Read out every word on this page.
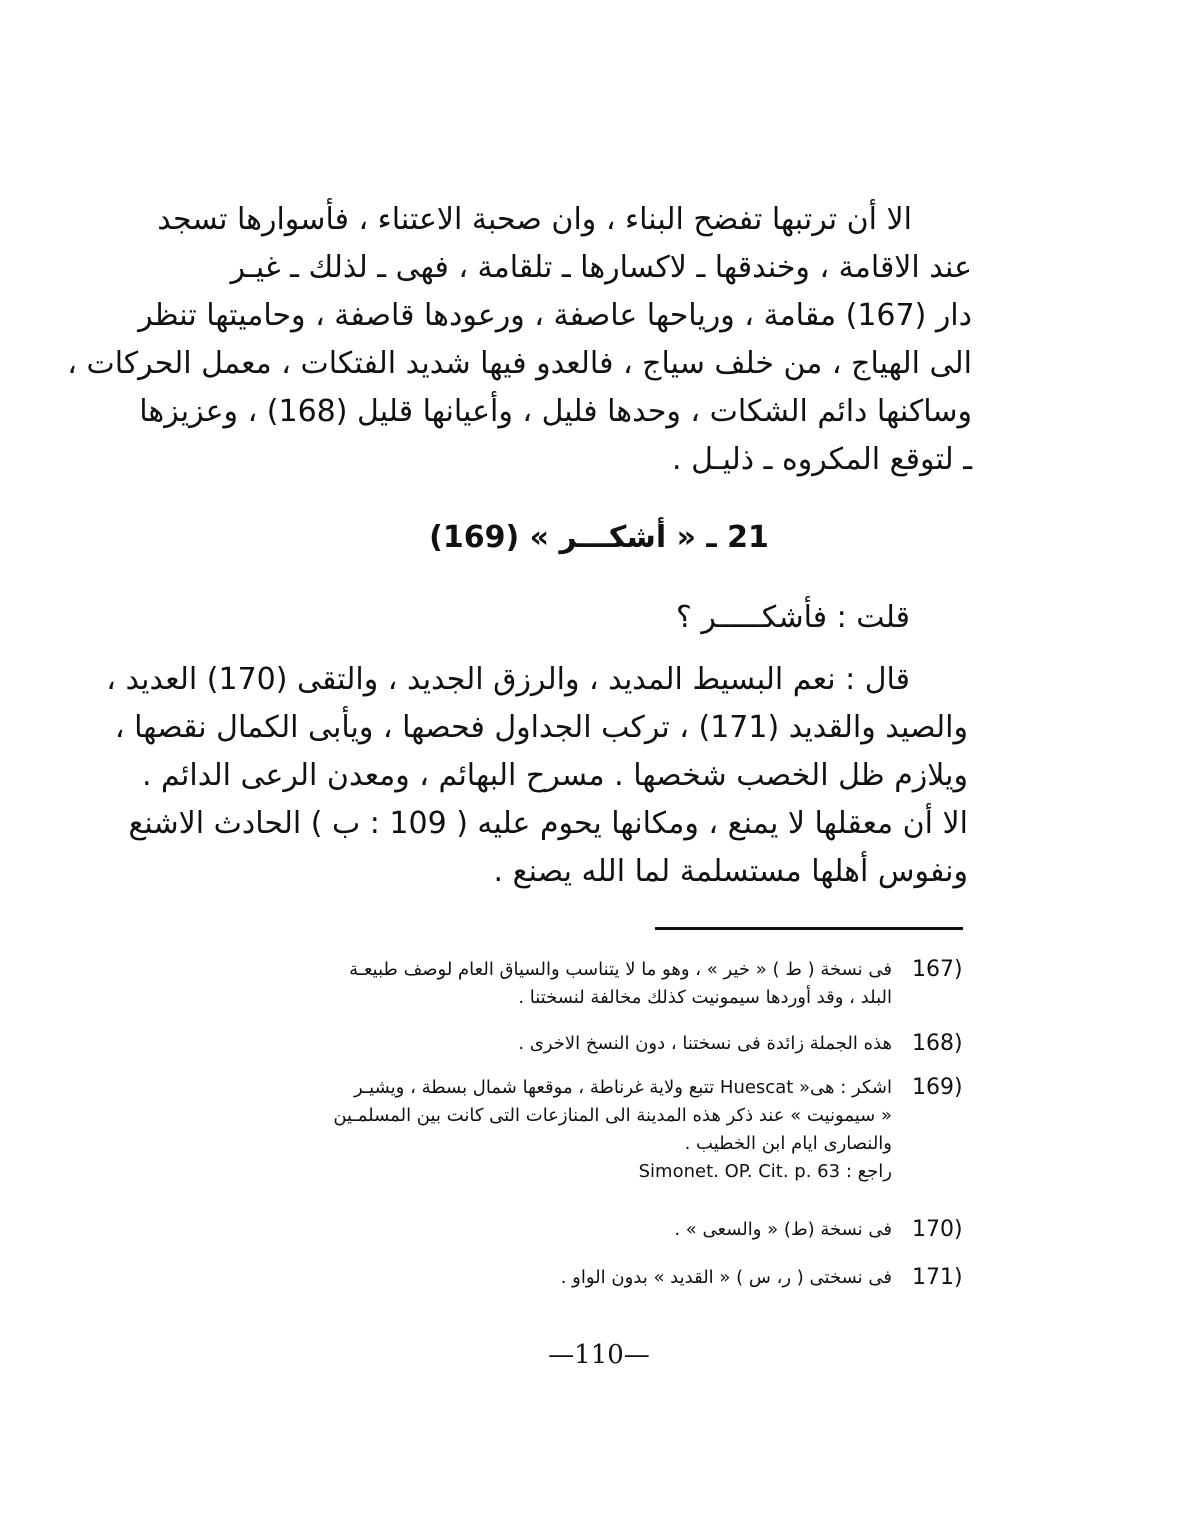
الا أن ترتبها تفضح البناء ، وان صحبة الاعتناء ، فأسوارها تسجد
عند الاقامة ، وخندقها ـ لاكسارها ـ تلقامة ، فهى ـ لذلك ـ غيـر
دار (167) مقامة ، ورياحها عاصفة ، ورعودها قاصفة ، وحاميتها تنظر
الى الهياج ، من خلف سياج ، فالعدو فيها شديد الفتكات ، معمل الحركات ،
وساكنها دائم الشكات ، وحدها فليل ، وأعيانها قليل (168) ، وعزيزها
ـ لتوقع المكروه ـ ذليـل .
21 ـ « أشكـــر » (169)
قلت : فأشكـــــر ؟
قال : نعم البسيط المديد ، والرزق الجديد ، والتقى (170) العديد ،
والصيد والقديد (171) ، تركب الجداول فحصها ، ويأبى الكمال نقصها ،
ويلازم ظل الخصب شخصها . مسرح البهائم ، ومعدن الرعى الدائم .
الا أن معقلها لا يمنع ، ومكانها يحوم عليه ( 109 : ب ) الحادث الاشنع
ونفوس أهلها مستسلمة لما الله يصنع .
167)
فى نسخة ( ط ) « خير » ، وهو ما لا يتناسب والسياق العام لوصف طبيعـة
البلد ، وقد أوردها سيمونيت كذلك مخالفة لنسختنا .
168)
هذه الجملة زائدة فى نسختنا ، دون النسخ الاخرى .
169)
اشكر : هى« Huescat تتبع ولاية غرناطة ، موقعها شمال بسطة ، ويشيـر
« سيمونيت » عند ذكر هذه المدينة الى المنازعات التى كانت بين المسلمـين
والنصارى ايام ابن الخطيب .
راجع : Simonet. OP. Cit. p. 63
170)
فى نسخة (ط) « والسعى » .
171)
فى نسختى ( ر، س ) « القديد » بدون الواو .
—110—
